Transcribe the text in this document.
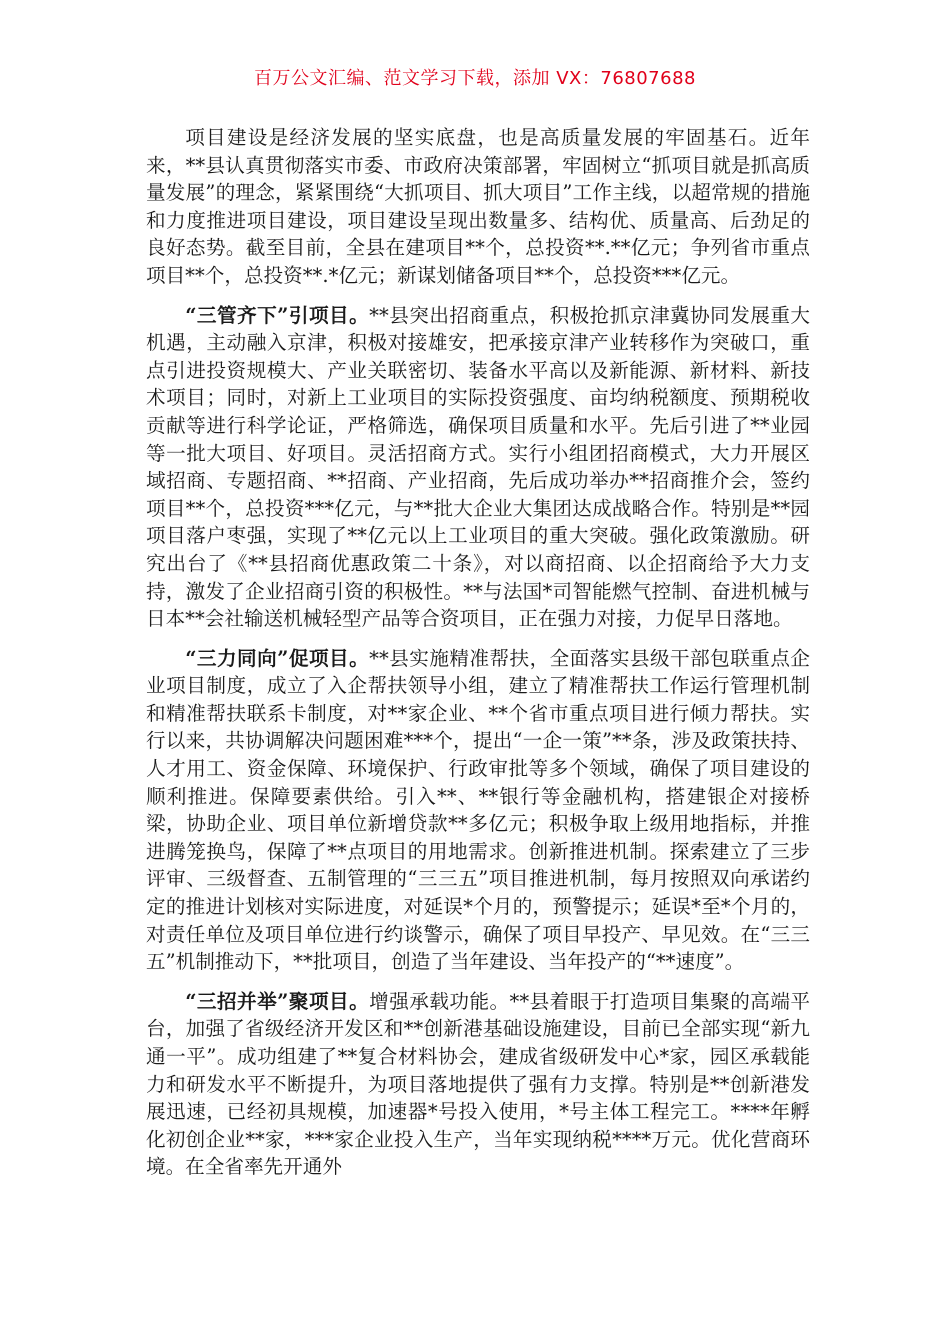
百万公文汇编、范文学习下载，添加 VX：76807688

项目建设是经济发展的坚实底盘，也是高质量发展的牢固基石。近年来，**县认真贯彻落实市委、市政府决策部署，牢固树立“抓项目就是抓高质量发展”的理念，紧紧围绕“大抓项目、抓大项目”工作主线，以超常规的措施和力度推进项目建设，项目建设呈现出数量多、结构优、质量高、后劲足的良好态势。截至目前，全县在建项目**个，总投资**.**亿元；争列省市重点项目**个，总投资**.*亿元；新谋划储备项目**个，总投资***亿元。

“三管齐下”引项目。**县突出招商重点，积极抢抓京津冀协同发展重大机遇，主动融入京津，积极对接雄安，把承接京津产业转移作为突破口，重点引进投资规模大、产业关联密切、装备水平高以及新能源、新材料、新技术项目；同时，对新上工业项目的实际投资强度、亩均纳税额度、预期税收贡献等进行科学论证，严格筛选，确保项目质量和水平。先后引进了**业园等一批大项目、好项目。灵活招商方式。实行小组团招商模式，大力开展区域招商、专题招商、**招商、产业招商，先后成功举办**招商推介会，签约项目**个，总投资***亿元，与**批大企业大集团达成战略合作。特别是**园项目落户枣强，实现了**亿元以上工业项目的重大突破。强化政策激励。研究出台了《**县招商优惠政策二十条》，对以商招商、以企招商给予大力支持，激发了企业招商引资的积极性。**与法国*司智能燃气控制、奋进机械与日本**会社输送机械轻型产品等合资项目，正在强力对接，力促早日落地。

“三力同向”促项目。**县实施精准帮扶，全面落实县级干部包联重点企业项目制度，成立了入企帮扶领导小组，建立了精准帮扶工作运行管理机制和精准帮扶联系卡制度，对**家企业、**个省市重点项目进行倾力帮扶。实行以来，共协调解决问题困难***个，提出“一企一策”**条，涉及政策扶持、人才用工、资金保障、环境保护、行政审批等多个领域，确保了项目建设的顺利推进。保障要素供给。引入**、**银行等金融机构，搭建银企对接桥梁，协助企业、项目单位新增贷款**多亿元；积极争取上级用地指标，并推进腾笼换鸟，保障了**点项目的用地需求。创新推进机制。探索建立了三步评审、三级督查、五制管理的“三三五”项目推进机制，每月按照双向承诺约定的推进计划核对实际进度，对延误*个月的，预警提示；延误*至*个月的，对责任单位及项目单位进行约谈警示，确保了项目早投产、早见效。在“三三五”机制推动下，**批项目，创造了当年建设、当年投产的“**速度”。

“三招并举”聚项目。增强承载功能。**县着眼于打造项目集聚的高端平台，加强了省级经济开发区和**创新港基础设施建设，目前已全部实现“新九通一平”。成功组建了**复合材料协会，建成省级研发中心*家，园区承载能力和研发水平不断提升，为项目落地提供了强有力支撑。特别是**创新港发展迅速，已经初具规模，加速器*号投入使用，*号主体工程完工。****年孵化初创企业**家，***家企业投入生产，当年实现纳税****万元。优化营商环境。在全省率先开通外
